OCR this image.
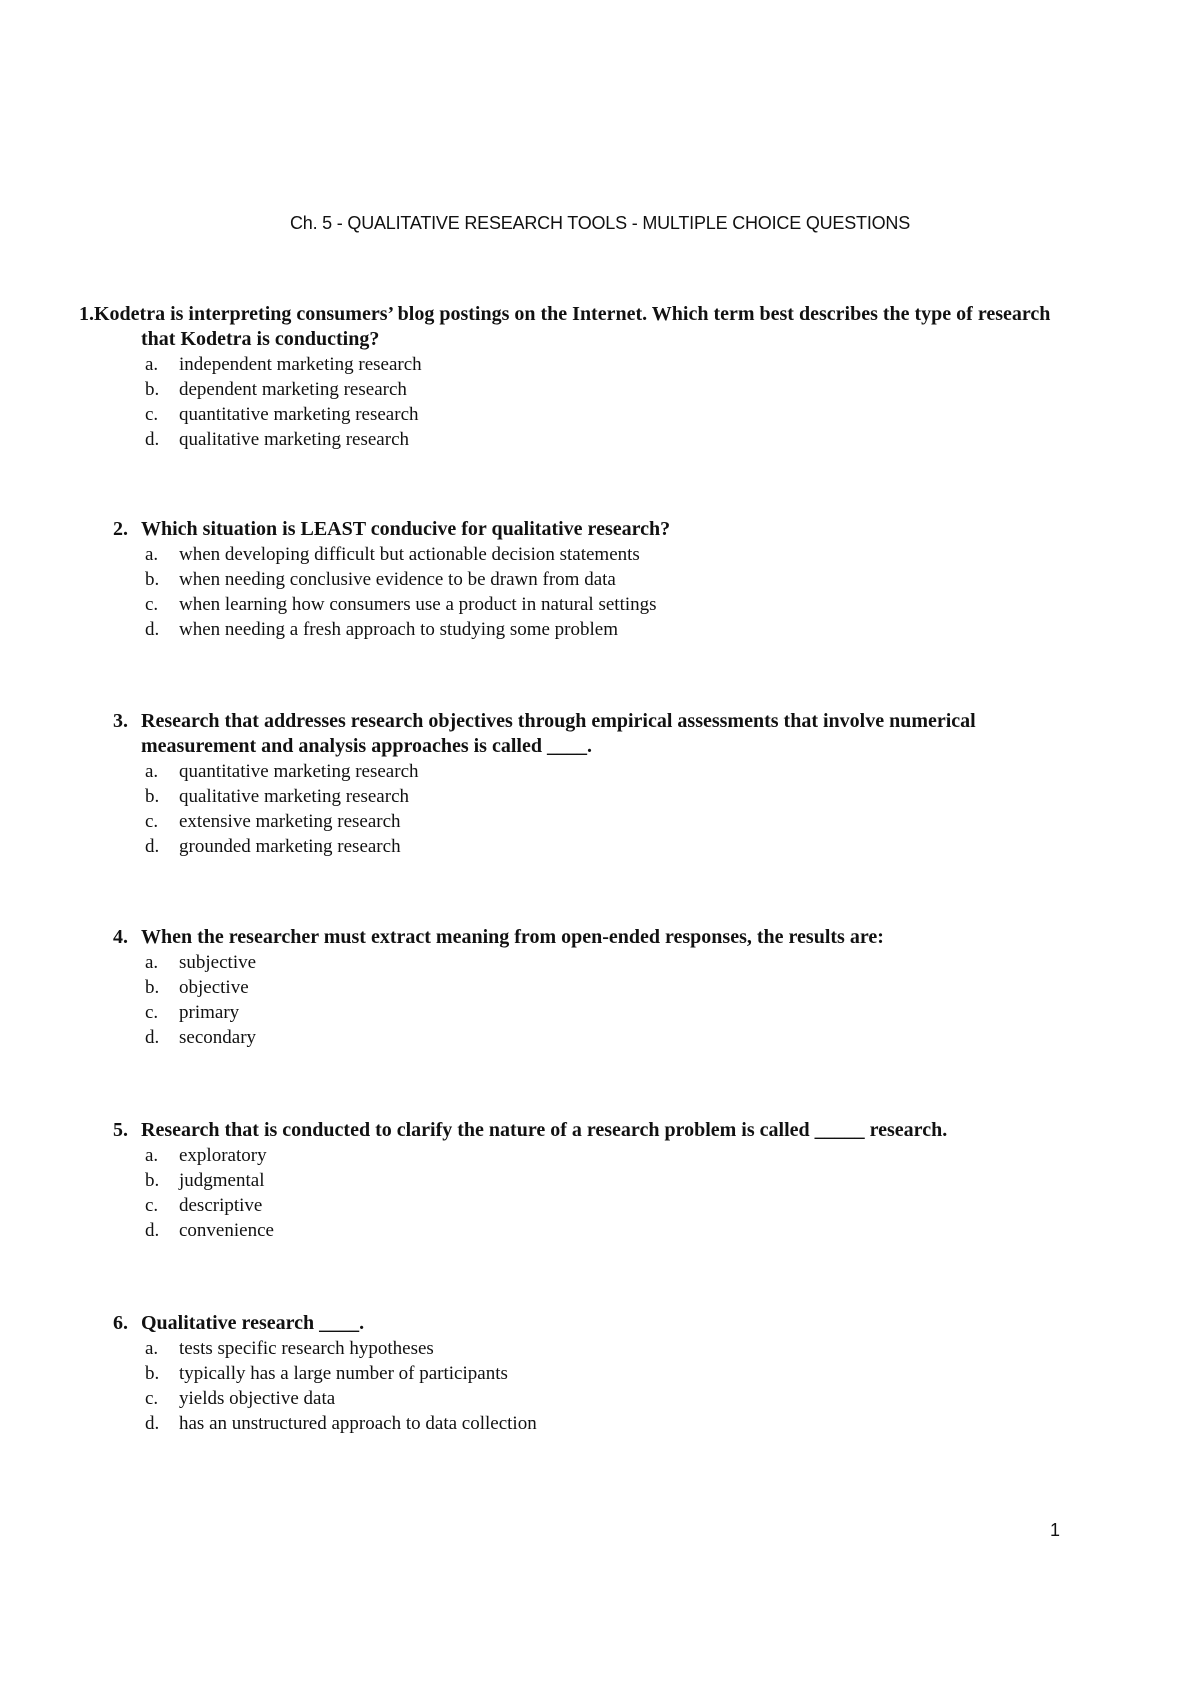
Ch. 5 - QUALITATIVE RESEARCH TOOLS - MULTIPLE CHOICE QUESTIONS
1.Kodetra is interpreting consumers’ blog postings on the Internet. Which term best describes the type of research that Kodetra is conducting?
a. independent marketing research
b. dependent marketing research
c. quantitative marketing research
d. qualitative marketing research
2. Which situation is LEAST conducive for qualitative research?
a. when developing difficult but actionable decision statements
b. when needing conclusive evidence to be drawn from data
c. when learning how consumers use a product in natural settings
d. when needing a fresh approach to studying some problem
3. Research that addresses research objectives through empirical assessments that involve numerical measurement and analysis approaches is called ____.
a. quantitative marketing research
b. qualitative marketing research
c. extensive marketing research
d. grounded marketing research
4. When the researcher must extract meaning from open-ended responses, the results are:
a. subjective
b. objective
c. primary
d. secondary
5. Research that is conducted to clarify the nature of a research problem is called _____ research.
a. exploratory
b. judgmental
c. descriptive
d. convenience
6. Qualitative research ____.
a. tests specific research hypotheses
b. typically has a large number of participants
c. yields objective data
d. has an unstructured approach to data collection
1
